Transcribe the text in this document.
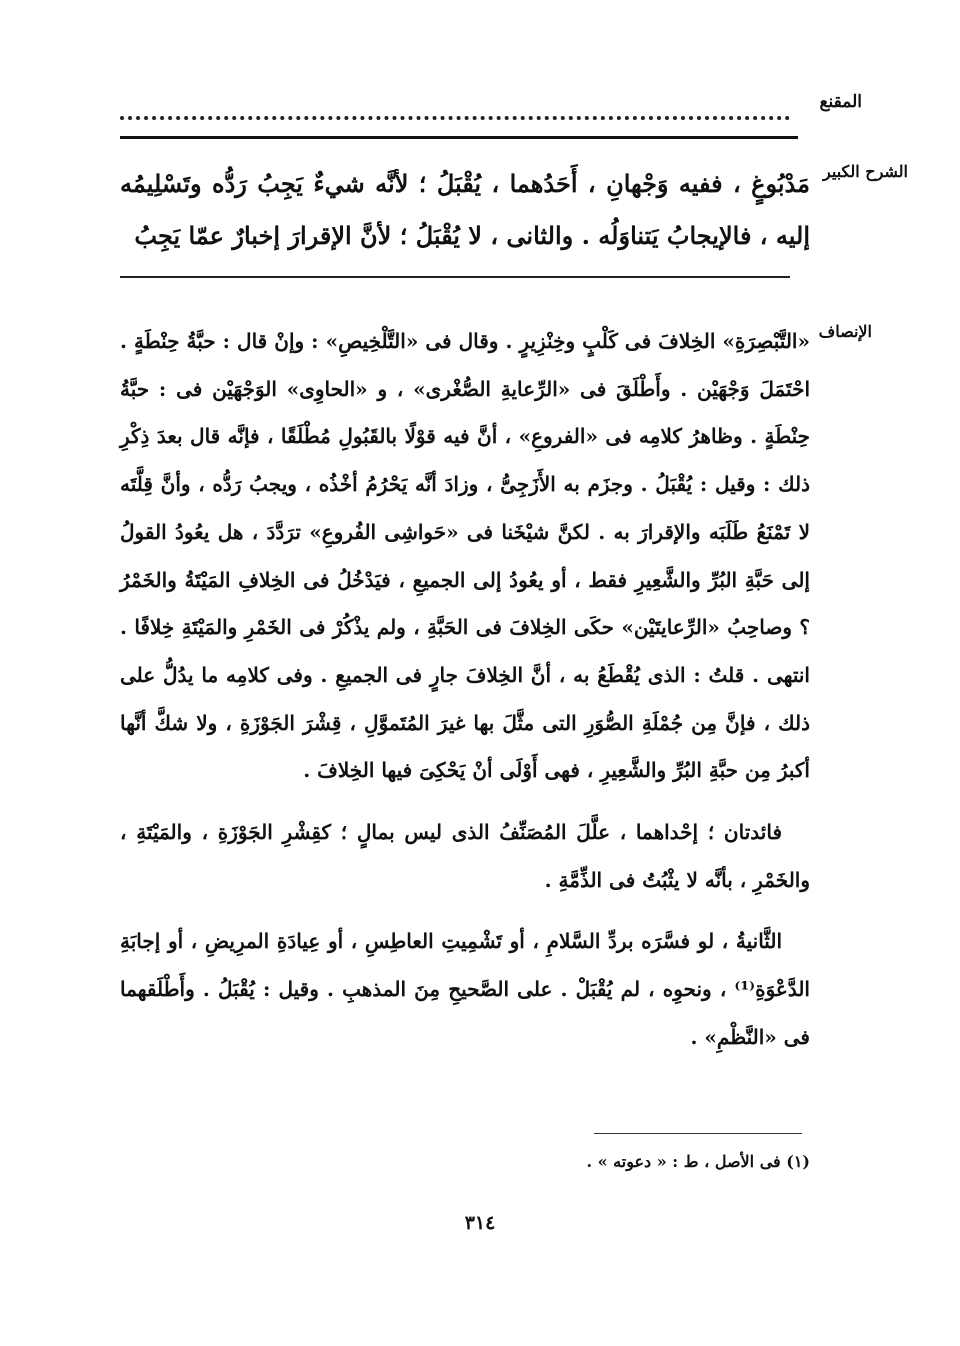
المقنع
الشرح الكبير
مَدْبُوغٍ ، ففيه وَجْهانِ ، أَحَدُهما ، يُقْبَلُ ؛ لأنَّه شيءٌ يَجِبُ رَدُّه وتَسْلِيمُه إليه ، فالإيجابُ يَتناوَلُه . والثانى ، لا يُقْبَلُ ؛ لأنَّ الإقرارَ إخبارٌ عمّا يَجِبُ
الإنصاف

«التَّبْصِرَةِ» الخِلافَ فى كَلْبٍ وخِنْزِيرٍ . وقال فى «التَّلْخِيصِ» : وإنْ قال : حبَّةُ حِنْطَةٍ . احْتَمَلَ وَجْهَيْن . وأَطْلَقَ فى «الرِّعايةِ الصُّغْرى» ، و «الحاوِى» الوَجْهَيْن فى : حبَّةُ حِنْطَةٍ . وظاهرُ كلامِه فى «الفروعِ» ، أنَّ فيه قوْلًا بالقَبُولِ مُطْلَقًا ، فإنَّه قال بعدَ ذِكْرِ ذلك : وقيل : يُقْبَلُ . وجزَم به الأَزَجِىُّ ، وزادَ أنَّه يَحْرُمُ أخْذُه ، ويجبُ رَدُّه ، وأنَّ قِلَّتَه لا تَمْنَعُ طَلَبَه والإقرارَ به . لكنَّ شيْخَنا فى «حَواشِى الفُروعِ» ترَدَّدَ ، هل يعُودُ القولُ إلى حَبَّةِ البُرِّ والشَّعِيرِ فقط ، أو يعُودُ إلى الجميعِ ، فيَدْخُلُ فى الخِلافِ المَيْتَةُ والخَمْرُ ؟ وصاحِبُ «الرِّعايتَيْن» حكَى الخِلافَ فى الحَبَّةِ ، ولم يذْكُرْ فى الخَمْرِ والمَيْتَةِ خِلافًا . انتهى . قلتُ : الذى يُقْطَعُ به ، أنَّ الخِلافَ جارٍ فى الجميعِ . وفى كلامِه ما يدُلُّ على ذلك ، فإنَّ مِن جُمْلَةِ الصُّوَرِ التى مثَّلَ بها غيرَ المُتَموَّلِ ، قِشْرَ الجَوْزَةِ ، ولا شكَّ أنَّها أكبرُ مِن حبَّةِ البُرِّ والشَّعِيرِ ، فهى أَوْلَى أنْ يَحْكِىَ فيها الخِلافَ .

فائدتان ؛ إحْداهما ، علَّلَ المُصَنِّفُ الذى ليس بمالٍ ؛ كقِشْرِ الجَوْزَةِ ، والمَيْتَةِ ، والخَمْرِ ، بأنَّه لا يثْبُتُ فى الذِّمَّةِ .

الثَّانيةُ ، لو فسَّرَه بردِّ السَّلامِ ، أو تَشْمِيتِ العاطِسِ ، أو عِيادَةِ المرِيضِ ، أو إجابَةِ الدَّعْوَةِ⁽¹⁾ ، ونحوِه ، لم يُقْبَلْ . على الصَّحيحِ مِنَ المذهبِ . وقيل : يُقْبَلُ . وأَطْلَقهما فى «النَّظْمِ» .

(١) فى الأصل ، ط : « دعوته » .
٣١٤
